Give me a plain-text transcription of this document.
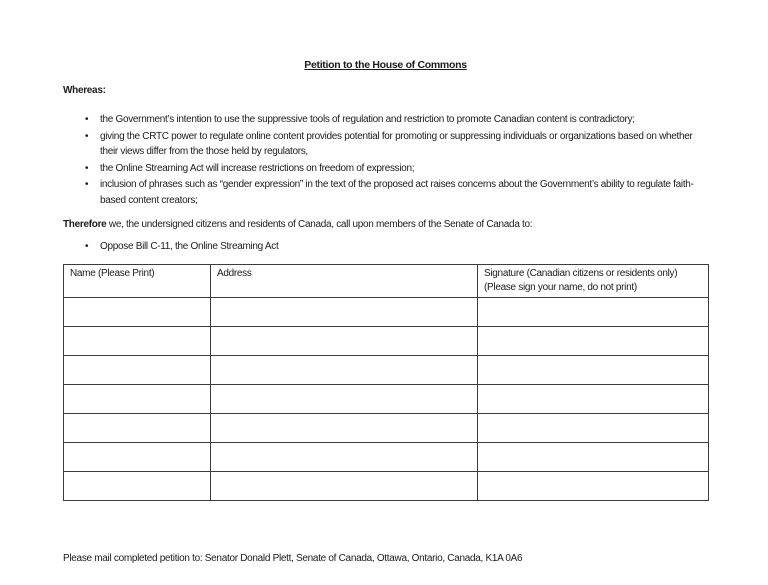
Petition to the House of Commons
Whereas:
• the Government’s intention to use the suppressive tools of regulation and restriction to promote Canadian content is contradictory;
• giving the CRTC power to regulate online content provides potential for promoting or suppressing individuals or organizations based on whether their views differ from the those held by regulators,
• the Online Streaming Act will increase restrictions on freedom of expression;
• inclusion of phrases such as “gender expression” in the text of the proposed act raises concerns about the Government’s ability to regulate faith-based content creators;
Therefore we, the undersigned citizens and residents of Canada, call upon members of the Senate of Canada to:
• Oppose Bill C-11, the Online Streaming Act
Name (Please Print)	Address	Signature (Canadian citizens or residents only)
(Please sign your name, do not print)

Please mail completed petition to: Senator Donald Plett, Senate of Canada, Ottawa, Ontario, Canada, K1A 0A6
